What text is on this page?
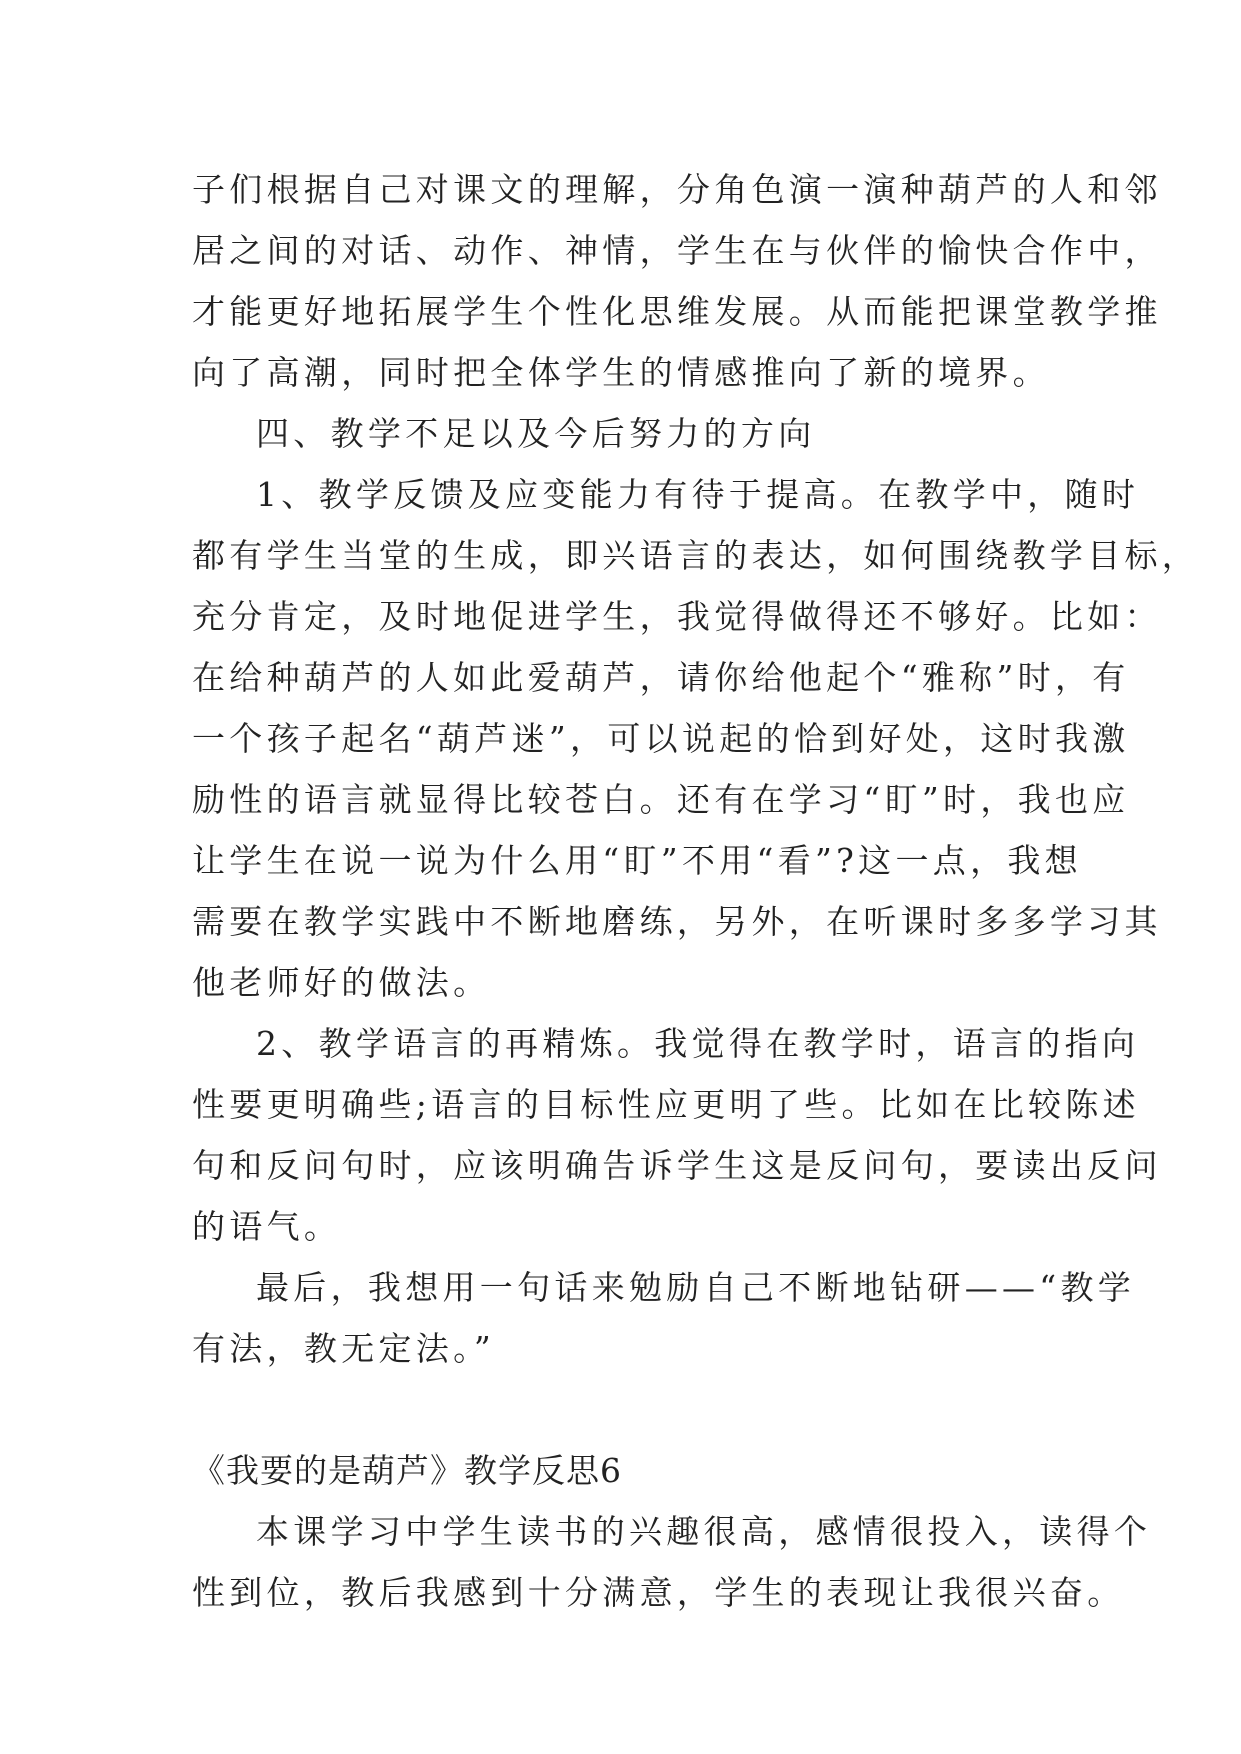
子们根据自己对课文的理解，分角色演一演种葫芦的人和邻
居之间的对话、动作、神情，学生在与伙伴的愉快合作中，
才能更好地拓展学生个性化思维发展。从而能把课堂教学推
向了高潮，同时把全体学生的情感推向了新的境界。
四、教学不足以及今后努力的方向
1、教学反馈及应变能力有待于提高。在教学中，随时
都有学生当堂的生成，即兴语言的表达，如何围绕教学目标，
充分肯定，及时地促进学生，我觉得做得还不够好。比如：
在给种葫芦的人如此爱葫芦，请你给他起个“雅称”时，有
一个孩子起名“葫芦迷”，可以说起的恰到好处，这时我激
励性的语言就显得比较苍白。还有在学习“盯”时，我也应
让学生在说一说为什么用“盯”不用“看”?这一点，我想
需要在教学实践中不断地磨练，另外，在听课时多多学习其
他老师好的做法。
2、教学语言的再精炼。我觉得在教学时，语言的指向
性要更明确些;语言的目标性应更明了些。比如在比较陈述
句和反问句时，应该明确告诉学生这是反问句，要读出反问
的语气。
最后，我想用一句话来勉励自己不断地钻研——“教学
有法，教无定法。”
《我要的是葫芦》教学反思6
本课学习中学生读书的兴趣很高，感情很投入，读得个
性到位，教后我感到十分满意，学生的表现让我很兴奋。
